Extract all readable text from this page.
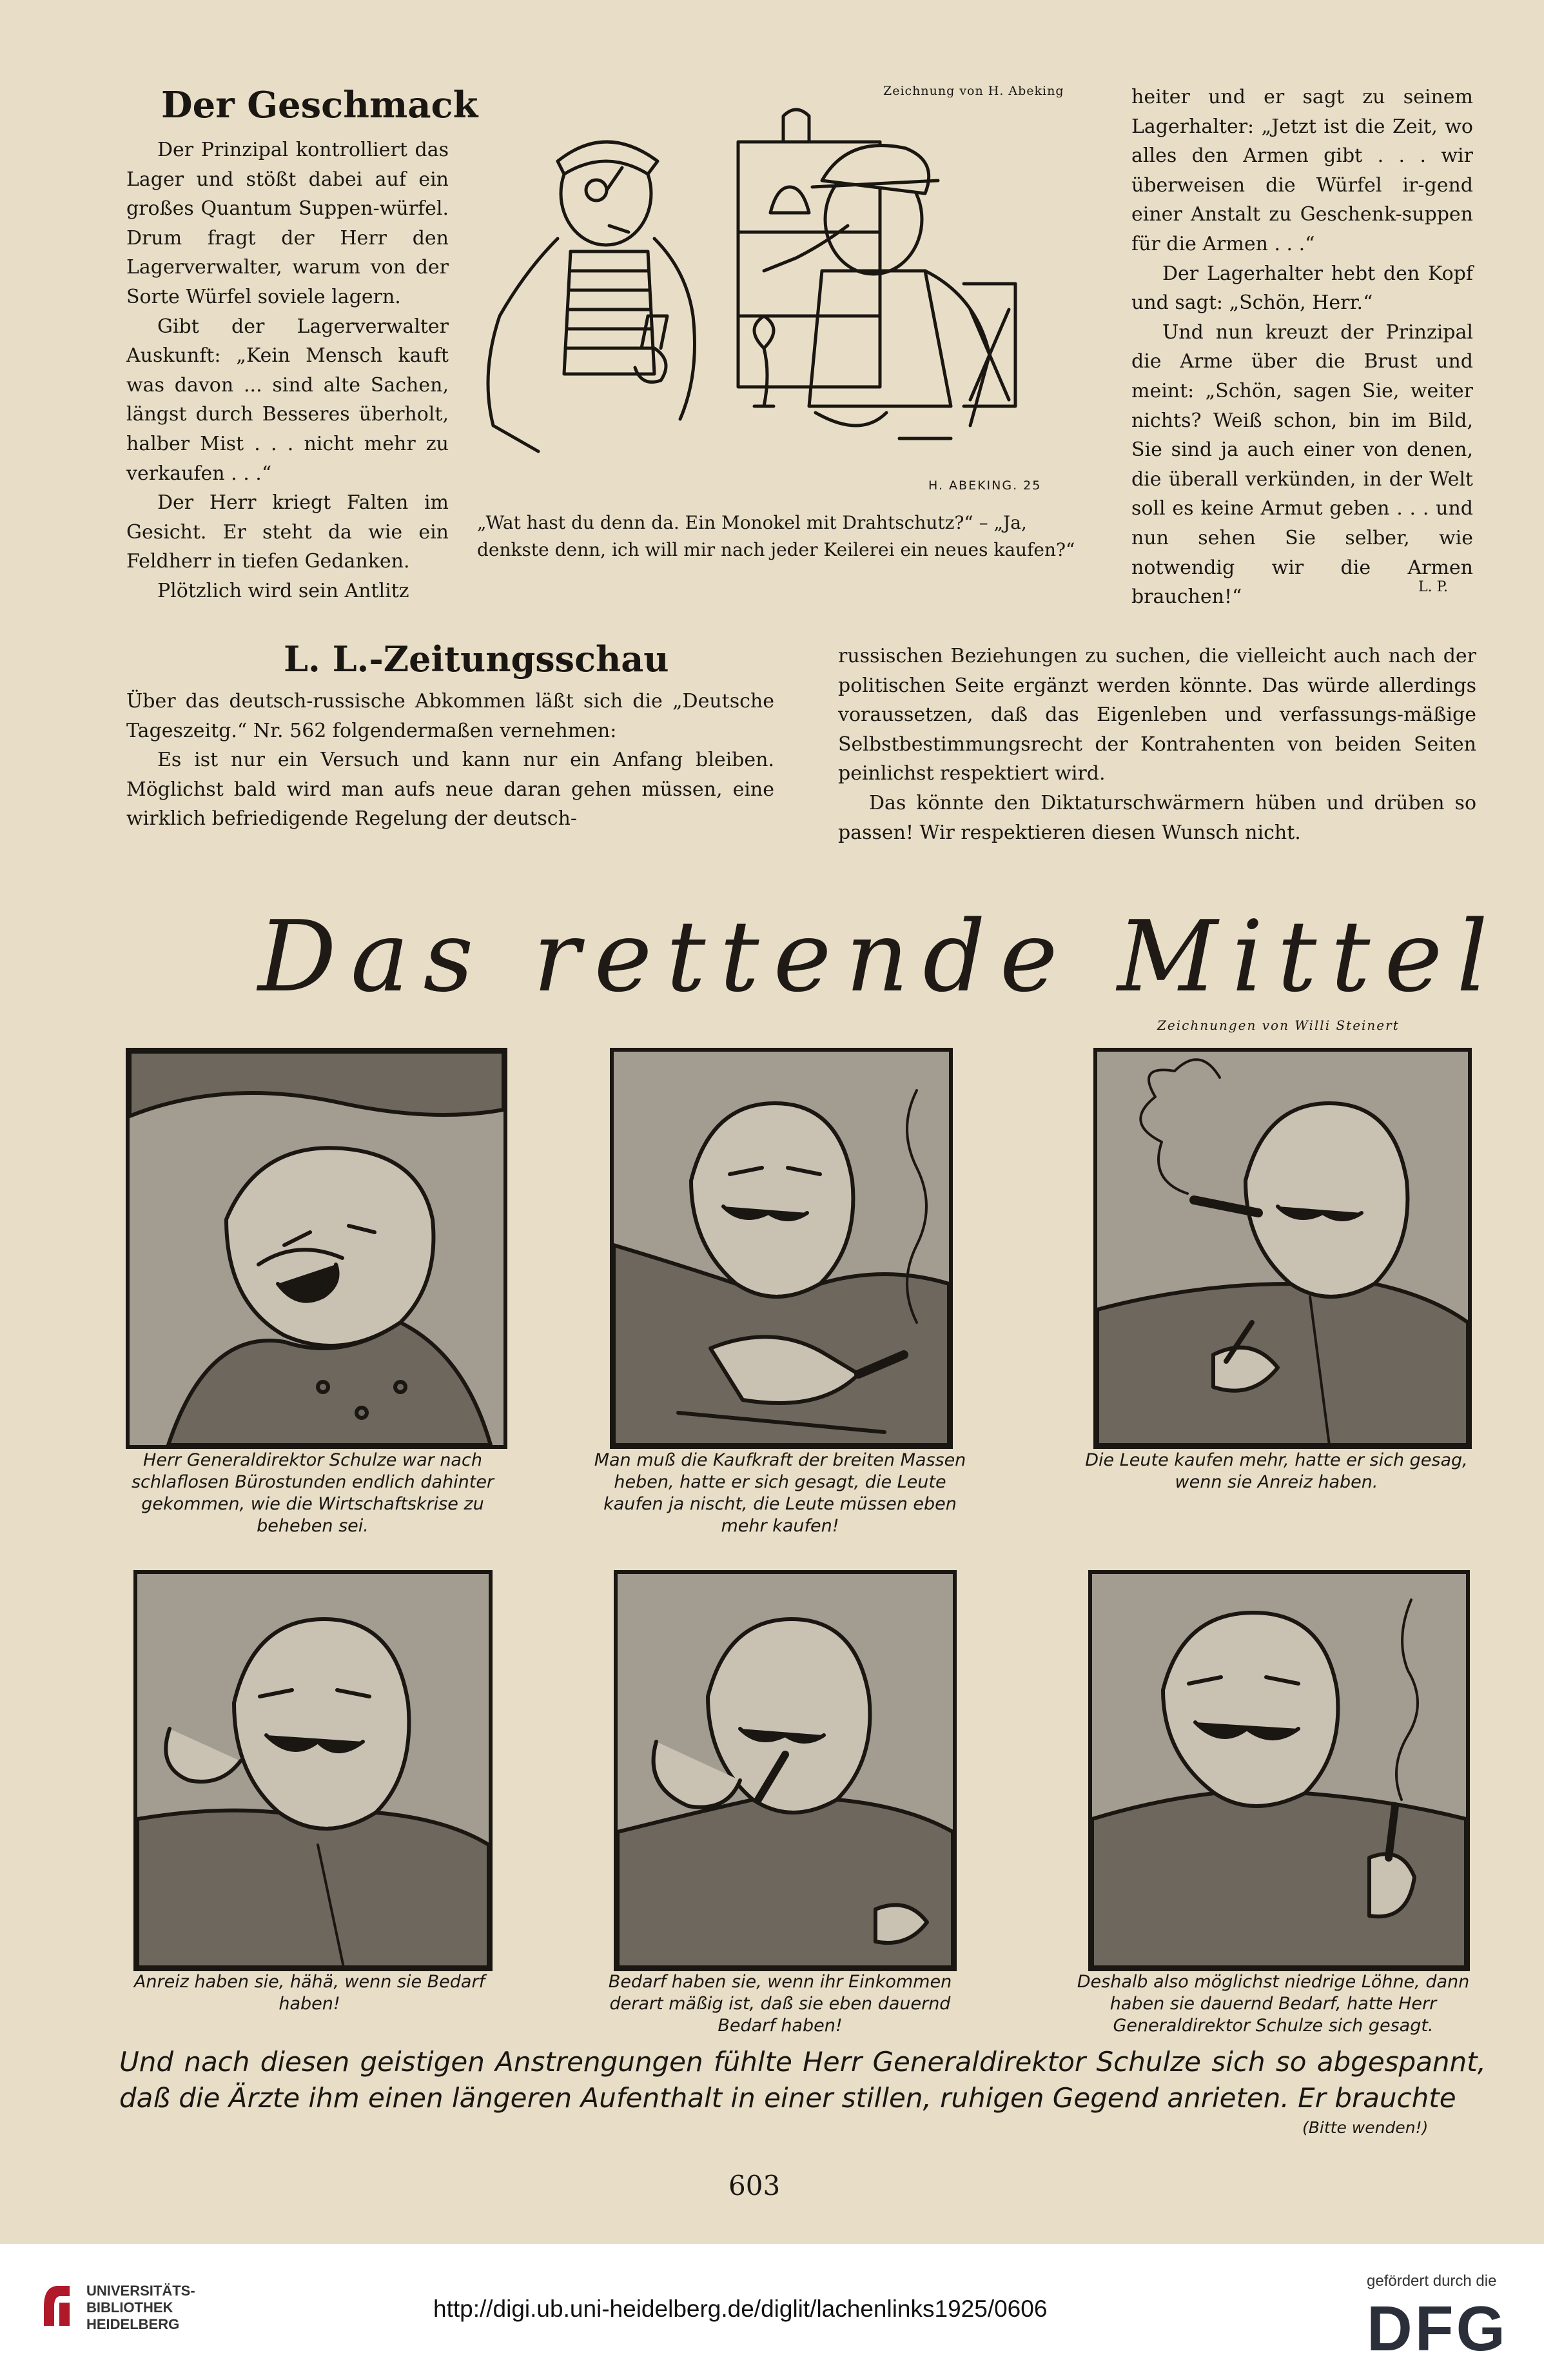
Der Geschmack

Der Prinzipal kontrolliert das Lager und stößt dabei auf ein großes Quantum Suppen-würfel. Drum fragt der Herr den Lagerverwalter, warum von der Sorte Würfel soviele lagern.

Gibt der Lagerverwalter Auskunft: „Kein Mensch kauft was davon ... sind alte Sachen, längst durch Besseres überholt, halber Mist . . . nicht mehr zu verkaufen . . .“

Der Herr kriegt Falten im Gesicht. Er steht da wie ein Feldherr in tiefen Gedanken.

Plötzlich wird sein Antlitz

Zeichnung von H. Abeking
H. ABEKING. 25
„Wat hast du denn da. Ein Monokel mit Drahtschutz?“ – „Ja, denkste denn, ich will mir nach jeder Keilerei ein neues kaufen?“

heiter und er sagt zu seinem Lagerhalter: „Jetzt ist die Zeit, wo alles den Armen gibt . . . wir überweisen die Würfel ir-gend einer Anstalt zu Geschenk-suppen für die Armen . . .“

Der Lagerhalter hebt den Kopf und sagt: „Schön, Herr.“

Und nun kreuzt der Prinzipal die Arme über die Brust und meint: „Schön, sagen Sie, weiter nichts? Weiß schon, bin im Bild, Sie sind ja auch einer von denen, die überall verkünden, in der Welt soll es keine Armut geben . . . und nun sehen Sie selber, wie notwendig wir die Armen brauchen!“	L. P.
L. L.-Zeitungsschau

Über das deutsch-russische Abkommen läßt sich die „Deutsche Tageszeitg.“ Nr. 562 folgendermaßen vernehmen:

Es ist nur ein Versuch und kann nur ein Anfang bleiben. Möglichst bald wird man aufs neue daran gehen müssen, eine wirklich befriedigende Regelung der deutsch-

russischen Beziehungen zu suchen, die vielleicht auch nach der politischen Seite ergänzt werden könnte. Das würde allerdings voraussetzen, daß das Eigenleben und verfassungs-mäßige Selbstbestimmungsrecht der Kontrahenten von beiden Seiten peinlichst respektiert wird.

Das könnte den Diktaturschwärmern hüben und drüben so passen! Wir respektieren diesen Wunsch nicht.

Das rettende Mittel
Zeichnungen von Willi Steinert
Herr Generaldirektor Schulze war nach schlaflosen Bürostunden endlich dahinter gekommen, wie die Wirtschaftskrise zu beheben sei.
Man muß die Kaufkraft der breiten Massen heben, hatte er sich gesagt, die Leute kaufen ja nischt, die Leute müssen eben mehr kaufen!
Die Leute kaufen mehr, hatte er sich gesag, wenn sie Anreiz haben.
Anreiz haben sie, hähä, wenn sie Bedarf haben!
Bedarf haben sie, wenn ihr Einkommen derart mäßig ist, daß sie eben dauernd Bedarf haben!
Deshalb also möglichst niedrige Löhne, dann haben sie dauernd Bedarf, hatte Herr Generaldirektor Schulze sich gesagt.
Und nach diesen geistigen Anstrengungen fühlte Herr Generaldirektor Schulze sich so abgespannt, daß die Ärzte ihm einen längeren Aufenthalt in einer stillen, ruhigen Gegend anrieten. Er brauchte
(Bitte wenden!)
603
UNIVERSITÄTS-
BIBLIOTHEK
HEIDELBERG
http://digi.ub.uni-heidelberg.de/diglit/lachenlinks1925/0606
gefördert durch die
DFG
